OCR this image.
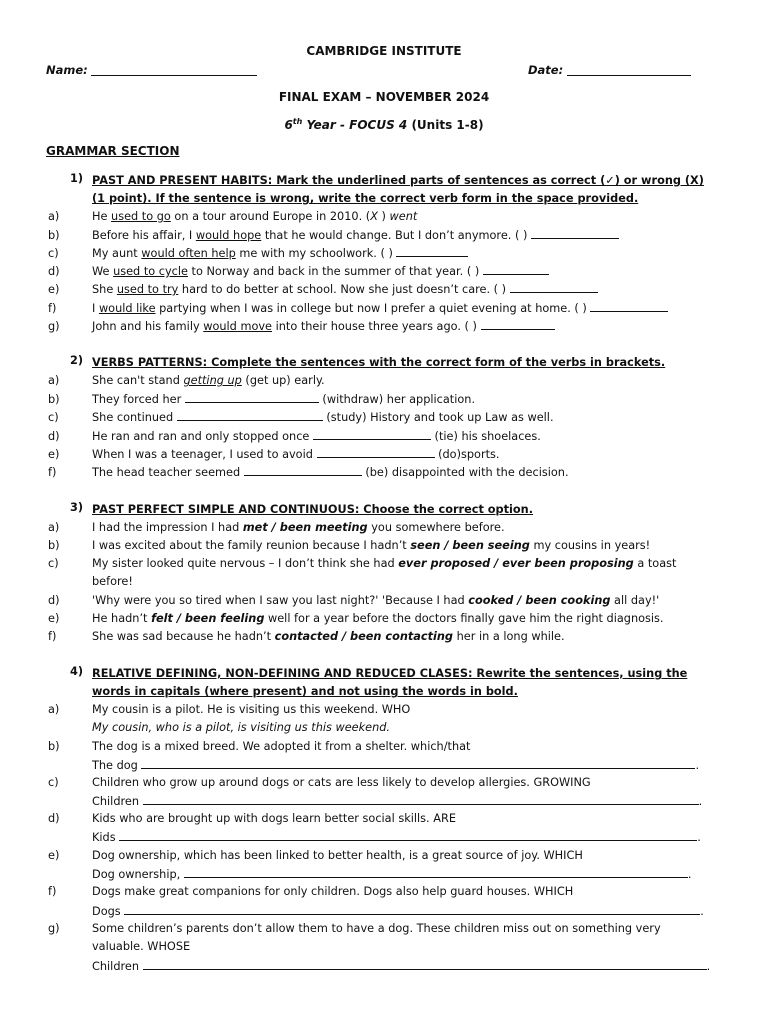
CAMBRIDGE INSTITUTE
Name:	Date:
FINAL EXAM – NOVEMBER 2024
6th Year - FOCUS 4 (Units 1-8)
GRAMMAR SECTION
1) PAST AND PRESENT HABITS: Mark the underlined parts of sentences as correct (✓) or wrong (X)
(1 point). If the sentence is wrong, write the correct verb form in the space provided.
a)	He used to go on a tour around Europe in 2010. (X ) went
b)	Before his affair, I would hope that he would change. But I don’t anymore. ( )
c)	My aunt would often help me with my schoolwork. ( )
d)	We used to cycle to Norway and back in the summer of that year. ( )
e)	She used to try hard to do better at school. Now she just doesn’t care. ( )
f)	I would like partying when I was in college but now I prefer a quiet evening at home. ( )
g)	John and his family would move into their house three years ago. ( )
2) VERBS PATTERNS: Complete the sentences with the correct form of the verbs in brackets.
a)	She can't stand getting up (get up) early.
b)	They forced her	(withdraw) her application.
c)	She continued	(study) History and took up Law as well.
d)	He ran and ran and only stopped once	(tie) his shoelaces.
e)	When I was a teenager, I used to avoid	(do)sports.
f)	The head teacher seemed	(be) disappointed with the decision.
3) PAST PERFECT SIMPLE AND CONTINUOUS: Choose the correct option.
a)	I had the impression I had met / been meeting you somewhere before.
b)	I was excited about the family reunion because I hadn’t seen / been seeing my cousins in years!
c)	My sister looked quite nervous – I don’t think she had ever proposed / ever been proposing a toast
before!
d)	'Why were you so tired when I saw you last night?' 'Because I had cooked / been cooking all day!'
e)	He hadn’t felt / been feeling well for a year before the doctors finally gave him the right diagnosis.
f)	She was sad because he hadn’t contacted / been contacting her in a long while.
4) RELATIVE DEFINING, NON-DEFINING AND REDUCED CLASES: Rewrite the sentences, using the
words in capitals (where present) and not using the words in bold.
a)	My cousin is a pilot. He is visiting us this weekend. WHO
My cousin, who is a pilot, is visiting us this weekend.
b)	The dog is a mixed breed. We adopted it from a shelter. which/that
The dog	.
c)	Children who grow up around dogs or cats are less likely to develop allergies. GROWING
Children	.
d)	Kids who are brought up with dogs learn better social skills. ARE
Kids	.
e)	Dog ownership, which has been linked to better health, is a great source of joy. WHICH
Dog ownership,	.
f)	Dogs make great companions for only children. Dogs also help guard houses. WHICH
Dogs	.
g)	Some children’s parents don’t allow them to have a dog. These children miss out on something very
valuable. WHOSE
Children	.
